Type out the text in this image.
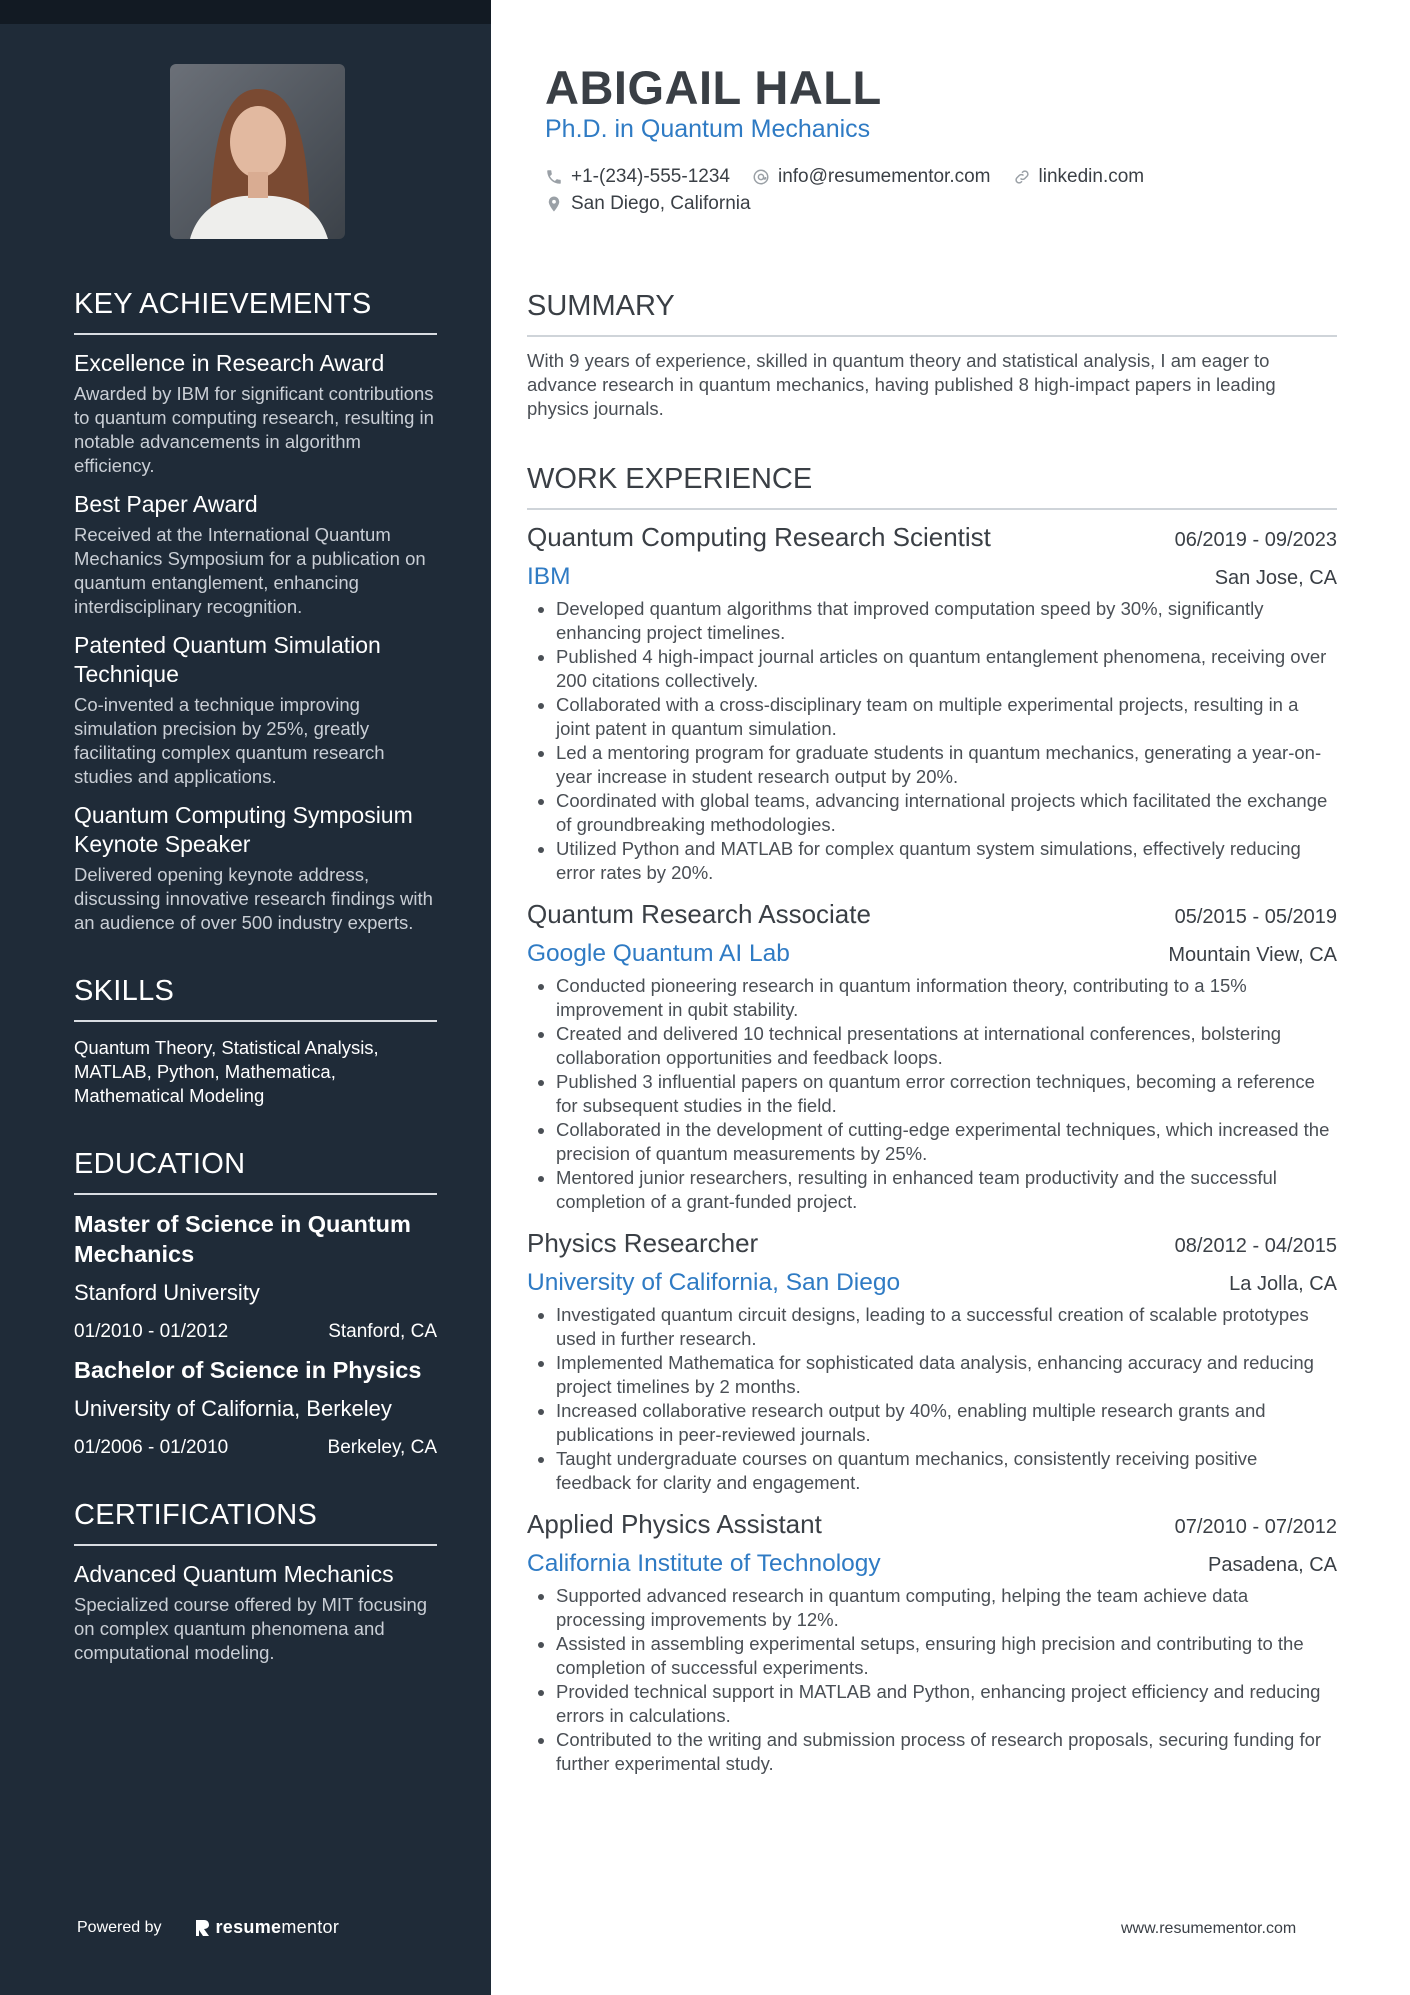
KEY ACHIEVEMENTS
Excellence in Research Award
Awarded by IBM for significant contributions to quantum computing research, resulting in notable advancements in algorithm efficiency.
Best Paper Award
Received at the International Quantum Mechanics Symposium for a publication on quantum entanglement, enhancing interdisciplinary recognition.
Patented Quantum Simulation Technique
Co-invented a technique improving simulation precision by 25%, greatly facilitating complex quantum research studies and applications.
Quantum Computing Symposium Keynote Speaker
Delivered opening keynote address, discussing innovative research findings with an audience of over 500 industry experts.
SKILLS
Quantum Theory, Statistical Analysis, MATLAB, Python, Mathematica, Mathematical Modeling
EDUCATION
Master of Science in Quantum Mechanics
Stanford University
01/2010 - 01/2012	Stanford, CA
Bachelor of Science in Physics
University of California, Berkeley
01/2006 - 01/2010	Berkeley, CA
CERTIFICATIONS
Advanced Quantum Mechanics
Specialized course offered by MIT focusing on complex quantum phenomena and computational modeling.
Powered by	resume mentor
ABIGAIL HALL
Ph.D. in Quantum Mechanics
+1-(234)-555-1234	info@resumementor.com	linkedin.com
San Diego, California
SUMMARY
With 9 years of experience, skilled in quantum theory and statistical analysis, I am eager to advance research in quantum mechanics, having published 8 high-impact papers in leading physics journals.
WORK EXPERIENCE
Quantum Computing Research Scientist	06/2019 - 09/2023
IBM	San Jose, CA
• Developed quantum algorithms that improved computation speed by 30%, significantly enhancing project timelines.
• Published 4 high-impact journal articles on quantum entanglement phenomena, receiving over 200 citations collectively.
• Collaborated with a cross-disciplinary team on multiple experimental projects, resulting in a joint patent in quantum simulation.
• Led a mentoring program for graduate students in quantum mechanics, generating a year-on-year increase in student research output by 20%.
• Coordinated with global teams, advancing international projects which facilitated the exchange of groundbreaking methodologies.
• Utilized Python and MATLAB for complex quantum system simulations, effectively reducing error rates by 20%.
Quantum Research Associate	05/2015 - 05/2019
Google Quantum AI Lab	Mountain View, CA
• Conducted pioneering research in quantum information theory, contributing to a 15% improvement in qubit stability.
• Created and delivered 10 technical presentations at international conferences, bolstering collaboration opportunities and feedback loops.
• Published 3 influential papers on quantum error correction techniques, becoming a reference for subsequent studies in the field.
• Collaborated in the development of cutting-edge experimental techniques, which increased the precision of quantum measurements by 25%.
• Mentored junior researchers, resulting in enhanced team productivity and the successful completion of a grant-funded project.
Physics Researcher	08/2012 - 04/2015
University of California, San Diego	La Jolla, CA
• Investigated quantum circuit designs, leading to a successful creation of scalable prototypes used in further research.
• Implemented Mathematica for sophisticated data analysis, enhancing accuracy and reducing project timelines by 2 months.
• Increased collaborative research output by 40%, enabling multiple research grants and publications in peer-reviewed journals.
• Taught undergraduate courses on quantum mechanics, consistently receiving positive feedback for clarity and engagement.
Applied Physics Assistant	07/2010 - 07/2012
California Institute of Technology	Pasadena, CA
• Supported advanced research in quantum computing, helping the team achieve data processing improvements by 12%.
• Assisted in assembling experimental setups, ensuring high precision and contributing to the completion of successful experiments.
• Provided technical support in MATLAB and Python, enhancing project efficiency and reducing errors in calculations.
• Contributed to the writing and submission process of research proposals, securing funding for further experimental study.
www.resumementor.com
